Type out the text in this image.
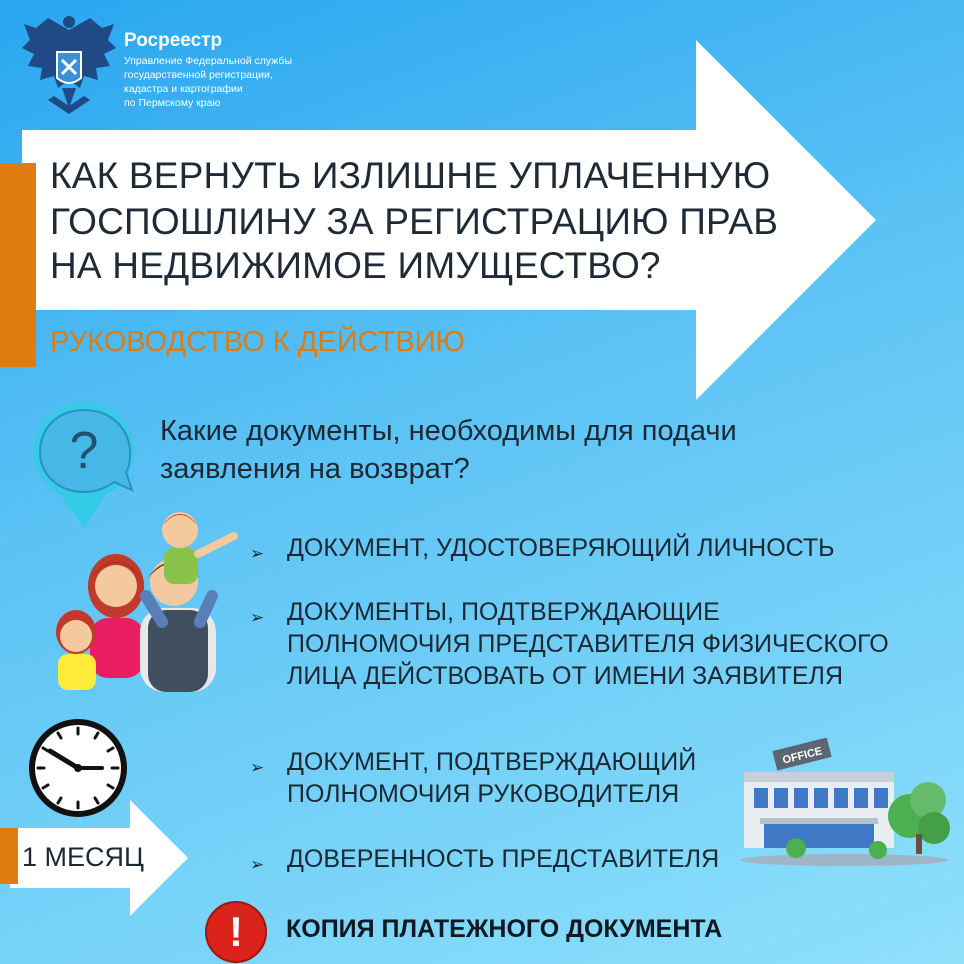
Росреестр
Управление Федеральной службы
государственной регистрации,
кадастра и картографии
по Пермскому краю
КАК ВЕРНУТЬ ИЗЛИШНЕ УПЛАЧЕННУЮ
ГОСПОШЛИНУ ЗА РЕГИСТРАЦИЮ ПРАВ
НА НЕДВИЖИМОЕ ИМУЩЕСТВО?
РУКОВОДСТВО К ДЕЙСТВИЮ
? Какие документы, необходимы для подачи
заявления на возврат?
➢ ДОКУМЕНТ, УДОСТОВЕРЯЮЩИЙ ЛИЧНОСТЬ
➢ ДОКУМЕНТЫ, ПОДТВЕРЖДАЮЩИЕ
ПОЛНОМОЧИЯ ПРЕДСТАВИТЕЛЯ ФИЗИЧЕСКОГО
ЛИЦА ДЕЙСТВОВАТЬ ОТ ИМЕНИ ЗАЯВИТЕЛЯ
➢ ДОКУМЕНТ, ПОДТВЕРЖДАЮЩИЙ
ПОЛНОМОЧИЯ РУКОВОДИТЕЛЯ
➢ ДОВЕРЕННОСТЬ ПРЕДСТАВИТЕЛЯ
1 МЕСЯЦ
OFFICE
! КОПИЯ ПЛАТЕЖНОГО ДОКУМЕНТА
